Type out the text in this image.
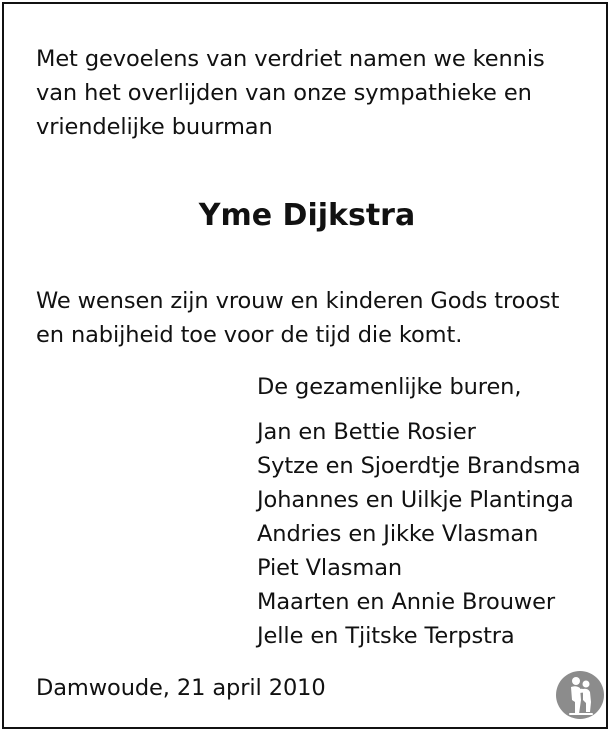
Met gevoelens van verdriet namen we kennis
van het overlijden van onze sympathieke en
vriendelijke buurman
Yme Dijkstra
We wensen zijn vrouw en kinderen Gods troost
en nabijheid toe voor de tijd die komt.
De gezamenlijke buren,
Jan en Bettie Rosier
Sytze en Sjoerdtje Brandsma
Johannes en Uilkje Plantinga
Andries en Jikke Vlasman
Piet Vlasman
Maarten en Annie Brouwer
Jelle en Tjitske Terpstra
Damwoude, 21 april 2010
